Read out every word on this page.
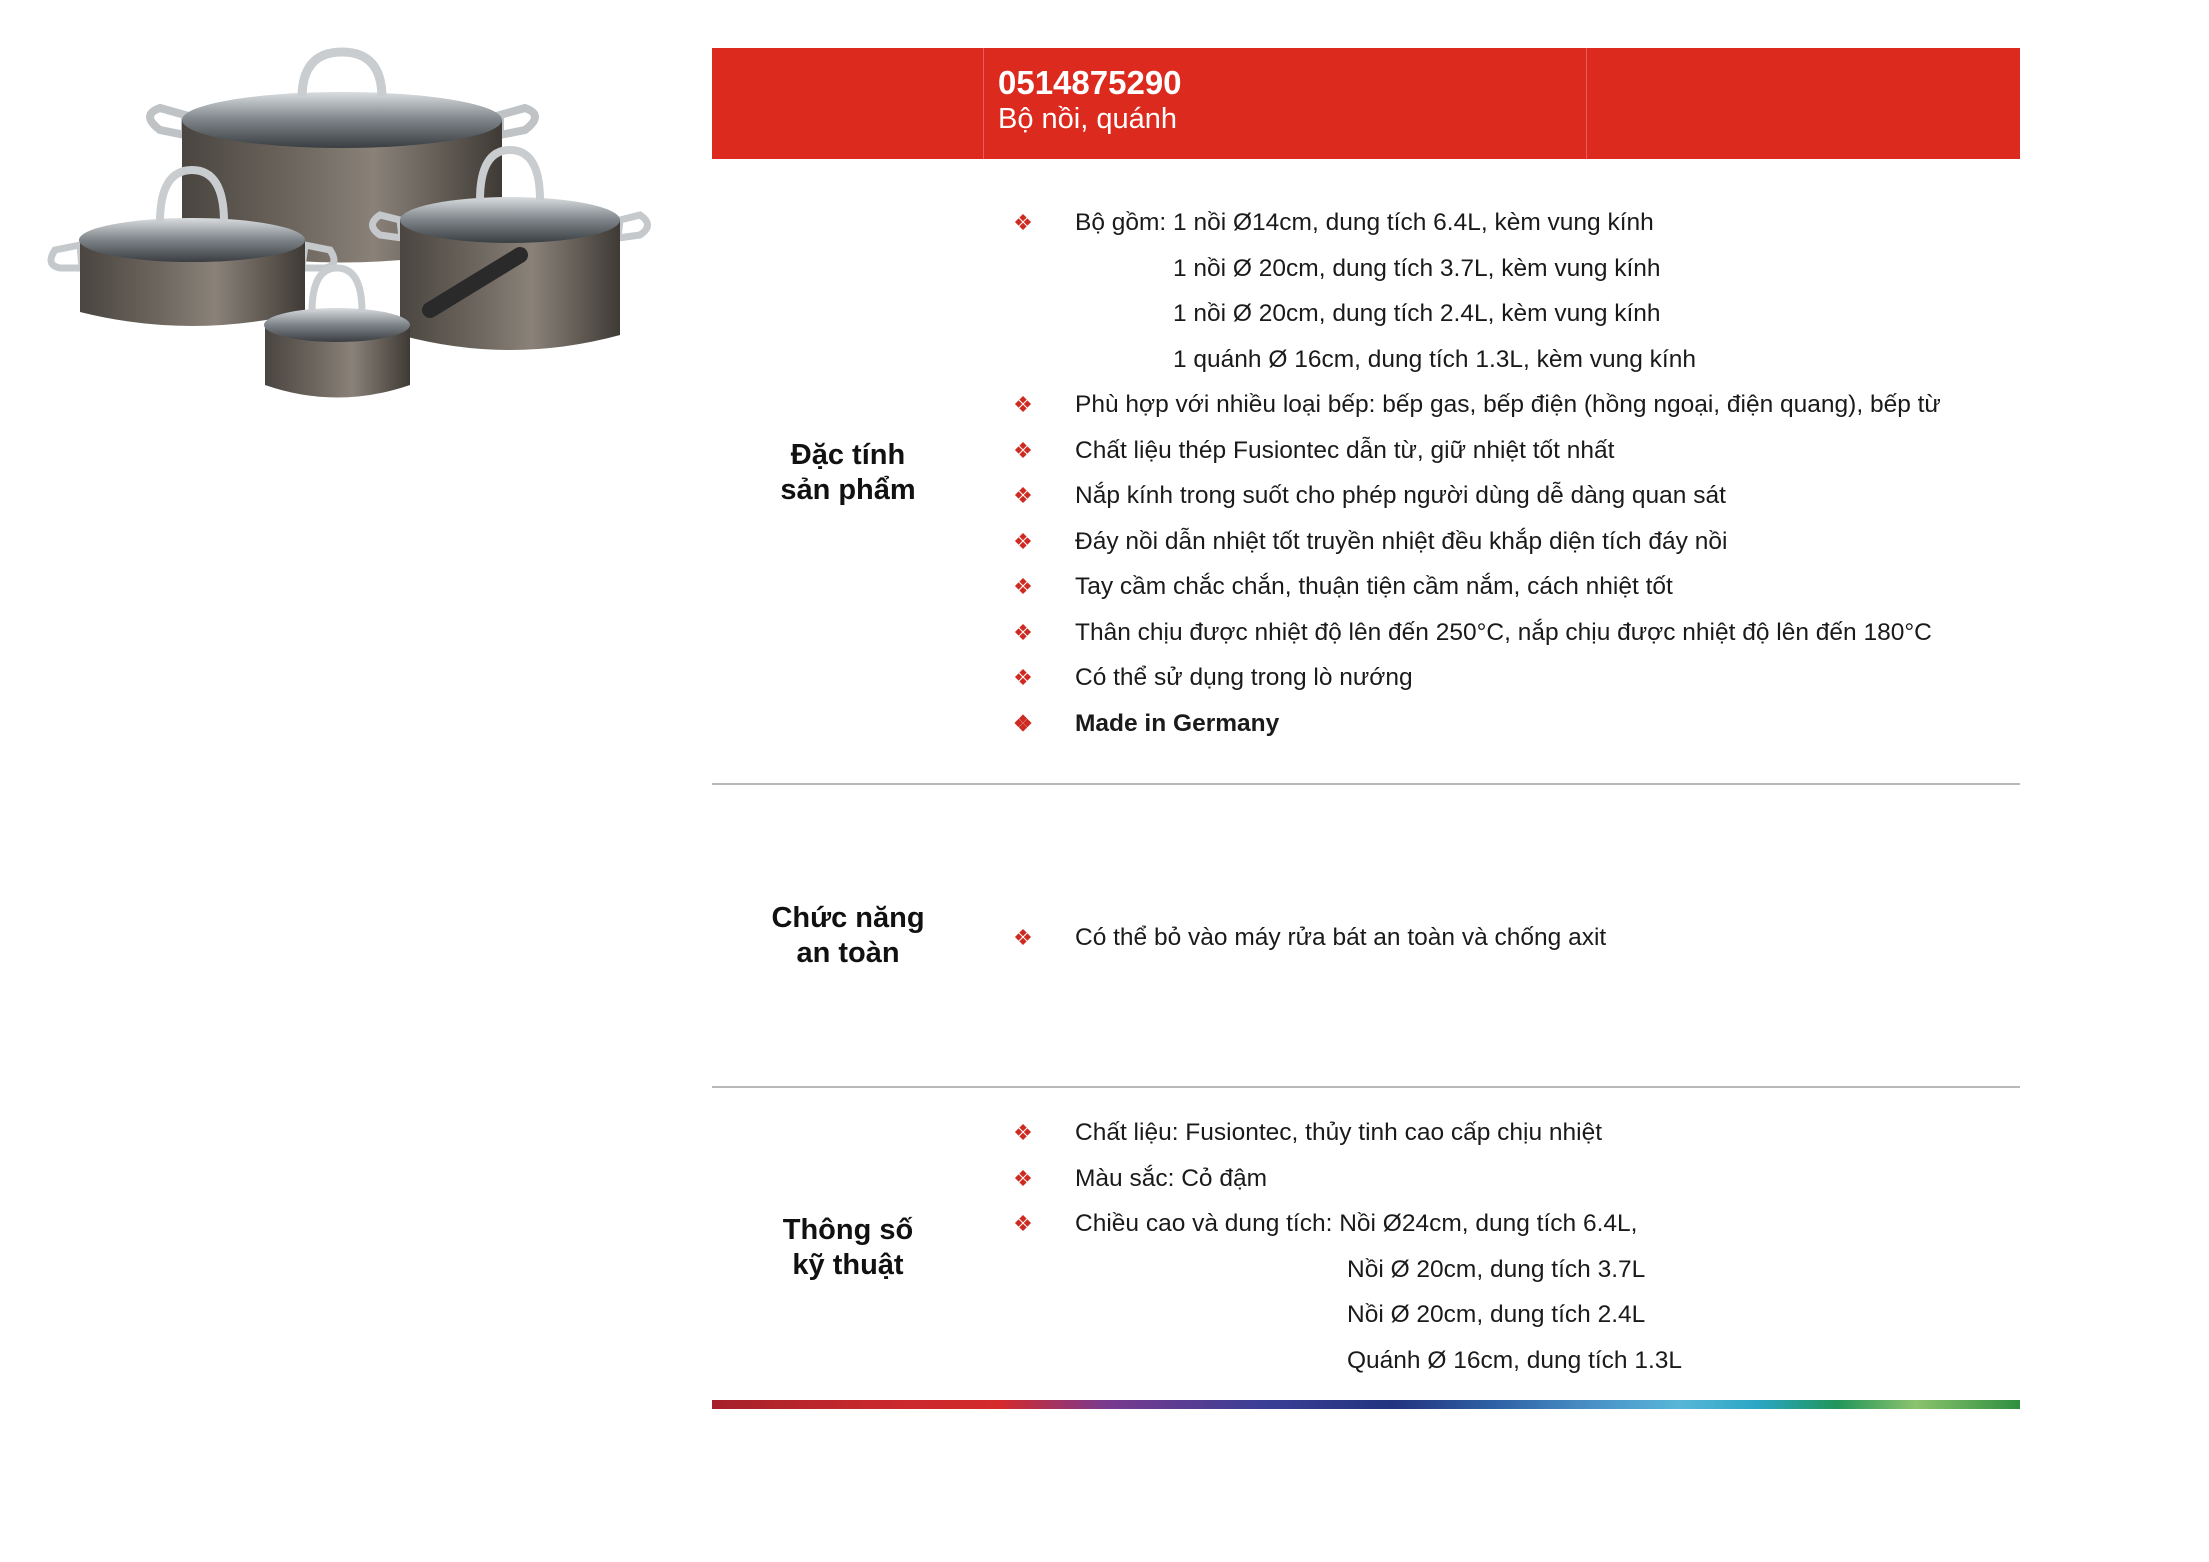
0514875290
Bộ nồi, quánh
Đặc tính
sản phẩm
❖ Bộ gồm: 1 nồi Ø14cm, dung tích 6.4L, kèm vung kính
1 nồi Ø 20cm, dung tích 3.7L, kèm vung kính
1 nồi Ø 20cm, dung tích 2.4L, kèm vung kính
1 quánh Ø 16cm, dung tích 1.3L, kèm vung kính
❖ Phù hợp với nhiều loại bếp: bếp gas, bếp điện (hồng ngoại, điện quang), bếp từ
❖ Chất liệu thép Fusiontec dẫn từ, giữ nhiệt tốt nhất
❖ Nắp kính trong suốt cho phép người dùng dễ dàng quan sát
❖ Đáy nồi dẫn nhiệt tốt truyền nhiệt đều khắp diện tích đáy nồi
❖ Tay cầm chắc chắn, thuận tiện cầm nắm, cách nhiệt tốt
❖ Thân chịu được nhiệt độ lên đến 250°C, nắp chịu được nhiệt độ lên đến 180°C
❖ Có thể sử dụng trong lò nướng
❖ Made in Germany
Chức năng
an toàn	❖ Có thể bỏ vào máy rửa bát an toàn và chống axit
Thông số
kỹ thuật
❖ Chất liệu: Fusiontec, thủy tinh cao cấp chịu nhiệt
❖ Màu sắc: Cỏ đậm
❖ Chiều cao và dung tích: Nồi Ø24cm, dung tích 6.4L,
Nồi Ø 20cm, dung tích 3.7L
Nồi Ø 20cm, dung tích 2.4L
Quánh Ø 16cm, dung tích 1.3L
